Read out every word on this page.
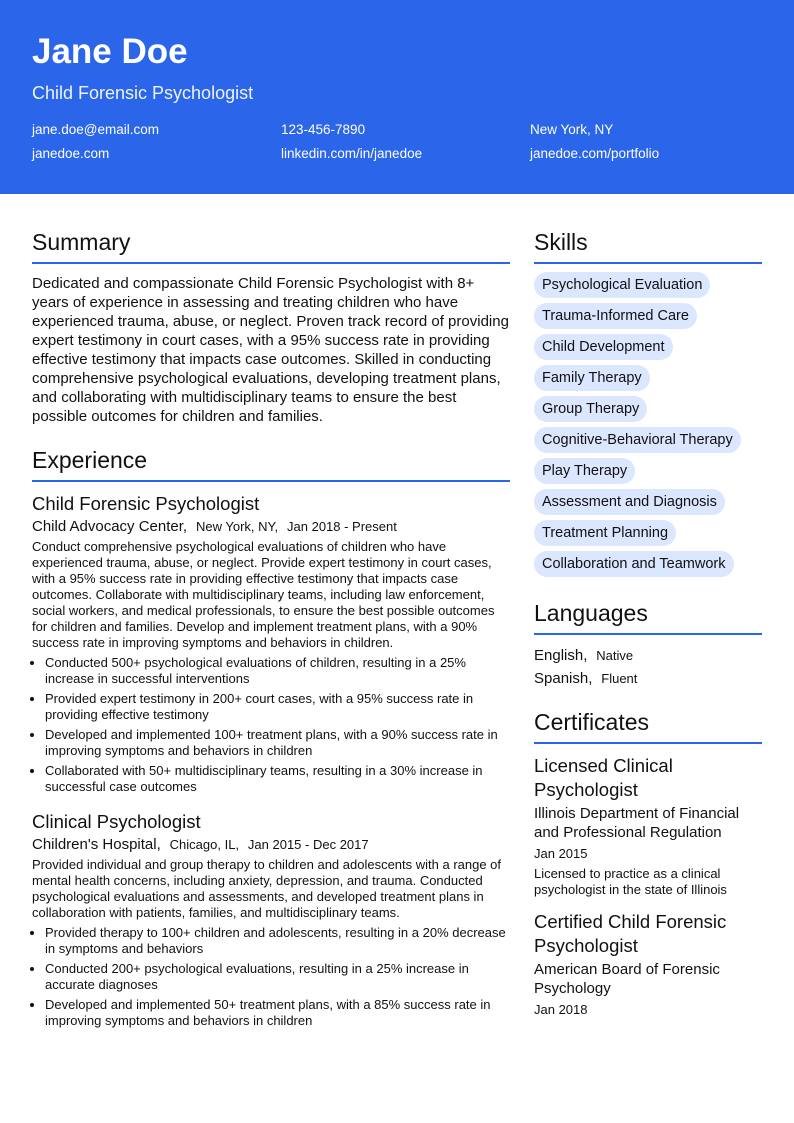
Jane Doe
Child Forensic Psychologist
jane.doe@email.com	123-456-7890	New York, NY
janedoe.com	linkedin.com/in/janedoe	janedoe.com/portfolio
Summary
Dedicated and compassionate Child Forensic Psychologist with 8+ years of experience in assessing and treating children who have experienced trauma, abuse, or neglect. Proven track record of providing expert testimony in court cases, with a 95% success rate in providing effective testimony that impacts case outcomes. Skilled in conducting comprehensive psychological evaluations, developing treatment plans, and collaborating with multidisciplinary teams to ensure the best possible outcomes for children and families.
Experience
Child Forensic Psychologist
Child Advocacy Center, New York, NY, Jan 2018 - Present
Conduct comprehensive psychological evaluations of children who have experienced trauma, abuse, or neglect. Provide expert testimony in court cases, with a 95% success rate in providing effective testimony that impacts case outcomes. Collaborate with multidisciplinary teams, including law enforcement, social workers, and medical professionals, to ensure the best possible outcomes for children and families. Develop and implement treatment plans, with a 90% success rate in improving symptoms and behaviors in children.
• Conducted 500+ psychological evaluations of children, resulting in a 25% increase in successful interventions
• Provided expert testimony in 200+ court cases, with a 95% success rate in providing effective testimony
• Developed and implemented 100+ treatment plans, with a 90% success rate in improving symptoms and behaviors in children
• Collaborated with 50+ multidisciplinary teams, resulting in a 30% increase in successful case outcomes
Clinical Psychologist
Children's Hospital, Chicago, IL, Jan 2015 - Dec 2017
Provided individual and group therapy to children and adolescents with a range of mental health concerns, including anxiety, depression, and trauma. Conducted psychological evaluations and assessments, and developed treatment plans in collaboration with patients, families, and multidisciplinary teams.
• Provided therapy to 100+ children and adolescents, resulting in a 20% decrease in symptoms and behaviors
• Conducted 200+ psychological evaluations, resulting in a 25% increase in accurate diagnoses
• Developed and implemented 50+ treatment plans, with a 85% success rate in improving symptoms and behaviors in children
Skills
Psychological Evaluation
Trauma-Informed Care
Child Development
Family Therapy
Group Therapy
Cognitive-Behavioral Therapy
Play Therapy
Assessment and Diagnosis
Treatment Planning
Collaboration and Teamwork
Languages
English, Native
Spanish, Fluent
Certificates
Licensed Clinical Psychologist
Illinois Department of Financial and Professional Regulation
Jan 2015
Licensed to practice as a clinical psychologist in the state of Illinois
Certified Child Forensic Psychologist
American Board of Forensic Psychology
Jan 2018
